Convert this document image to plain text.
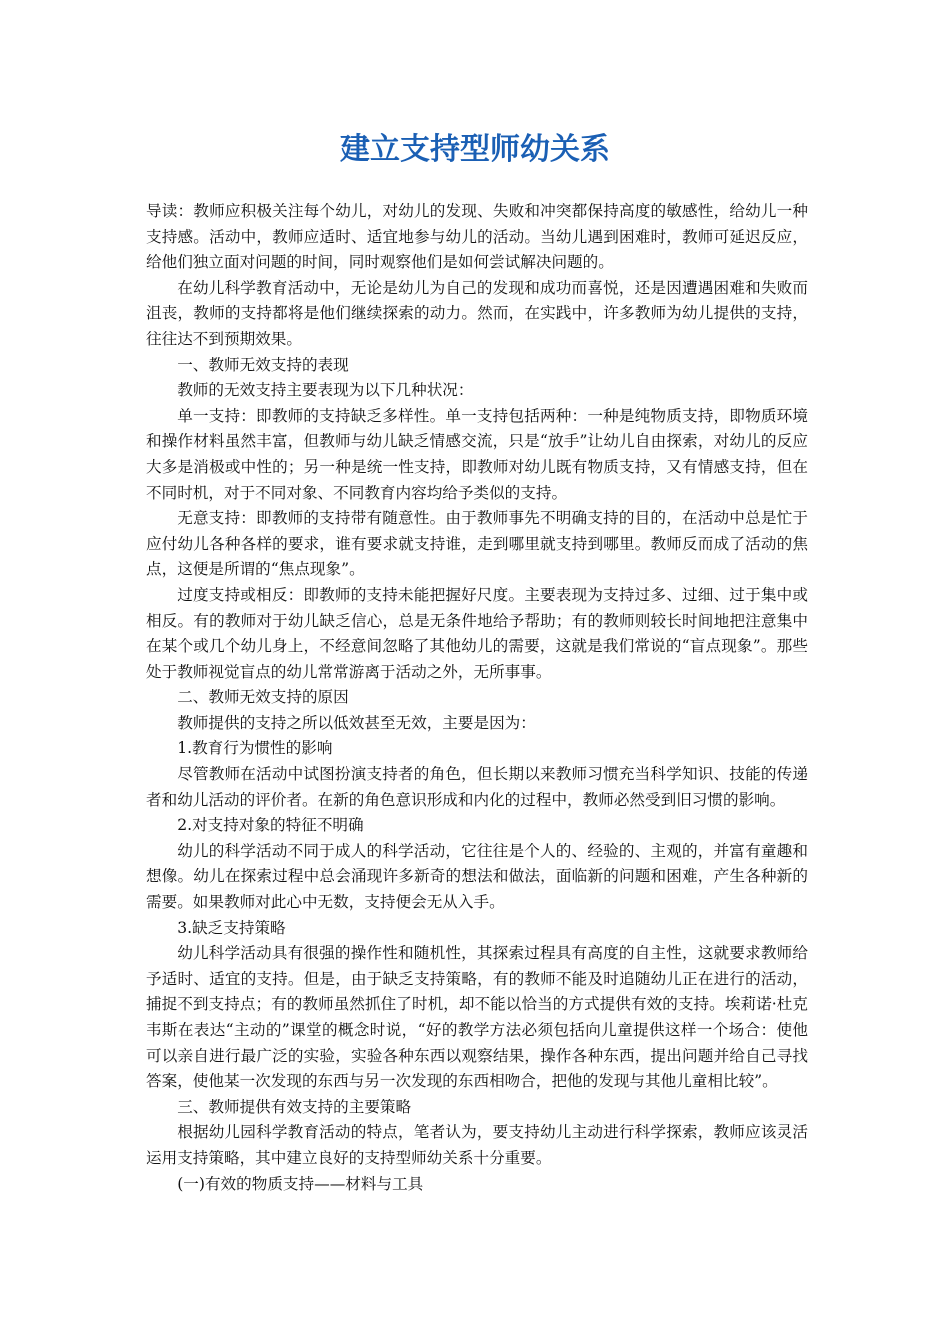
建立支持型师幼关系

导读：教师应积极关注每个幼儿，对幼儿的发现、失败和冲突都保持高度的敏感性，给幼儿一种支持感。活动中，教师应适时、适宜地参与幼儿的活动。当幼儿遇到困难时，教师可延迟反应，给他们独立面对问题的时间，同时观察他们是如何尝试解决问题的。

在幼儿科学教育活动中，无论是幼儿为自己的发现和成功而喜悦，还是因遭遇困难和失败而沮丧，教师的支持都将是他们继续探索的动力。然而，在实践中，许多教师为幼儿提供的支持，往往达不到预期效果。

一、教师无效支持的表现

教师的无效支持主要表现为以下几种状况：

单一支持：即教师的支持缺乏多样性。单一支持包括两种：一种是纯物质支持，即物质环境和操作材料虽然丰富，但教师与幼儿缺乏情感交流，只是“放手”让幼儿自由探索，对幼儿的反应大多是消极或中性的；另一种是统一性支持，即教师对幼儿既有物质支持，又有情感支持，但在不同时机，对于不同对象、不同教育内容均给予类似的支持。

无意支持：即教师的支持带有随意性。由于教师事先不明确支持的目的，在活动中总是忙于应付幼儿各种各样的要求，谁有要求就支持谁，走到哪里就支持到哪里。教师反而成了活动的焦点，这便是所谓的“焦点现象”。

过度支持或相反：即教师的支持未能把握好尺度。主要表现为支持过多、过细、过于集中或相反。有的教师对于幼儿缺乏信心，总是无条件地给予帮助；有的教师则较长时间地把注意集中在某个或几个幼儿身上，不经意间忽略了其他幼儿的需要，这就是我们常说的“盲点现象”。那些处于教师视觉盲点的幼儿常常游离于活动之外，无所事事。

二、教师无效支持的原因

教师提供的支持之所以低效甚至无效，主要是因为：

1.教育行为惯性的影响

尽管教师在活动中试图扮演支持者的角色，但长期以来教师习惯充当科学知识、技能的传递者和幼儿活动的评价者。在新的角色意识形成和内化的过程中，教师必然受到旧习惯的影响。

2.对支持对象的特征不明确

幼儿的科学活动不同于成人的科学活动，它往往是个人的、经验的、主观的，并富有童趣和想像。幼儿在探索过程中总会涌现许多新奇的想法和做法，面临新的问题和困难，产生各种新的需要。如果教师对此心中无数，支持便会无从入手。

3.缺乏支持策略

幼儿科学活动具有很强的操作性和随机性，其探索过程具有高度的自主性，这就要求教师给予适时、适宜的支持。但是，由于缺乏支持策略，有的教师不能及时追随幼儿正在进行的活动，捕捉不到支持点；有的教师虽然抓住了时机，却不能以恰当的方式提供有效的支持。埃莉诺·杜克韦斯在表达“主动的”课堂的概念时说，“好的教学方法必须包括向儿童提供这样一个场合：使他可以亲自进行最广泛的实验，实验各种东西以观察结果，操作各种东西，提出问题并给自己寻找答案，使他某一次发现的东西与另一次发现的东西相吻合，把他的发现与其他儿童相比较”。

三、教师提供有效支持的主要策略

根据幼儿园科学教育活动的特点，笔者认为，要支持幼儿主动进行科学探索，教师应该灵活运用支持策略，其中建立良好的支持型师幼关系十分重要。

(一)有效的物质支持——材料与工具
